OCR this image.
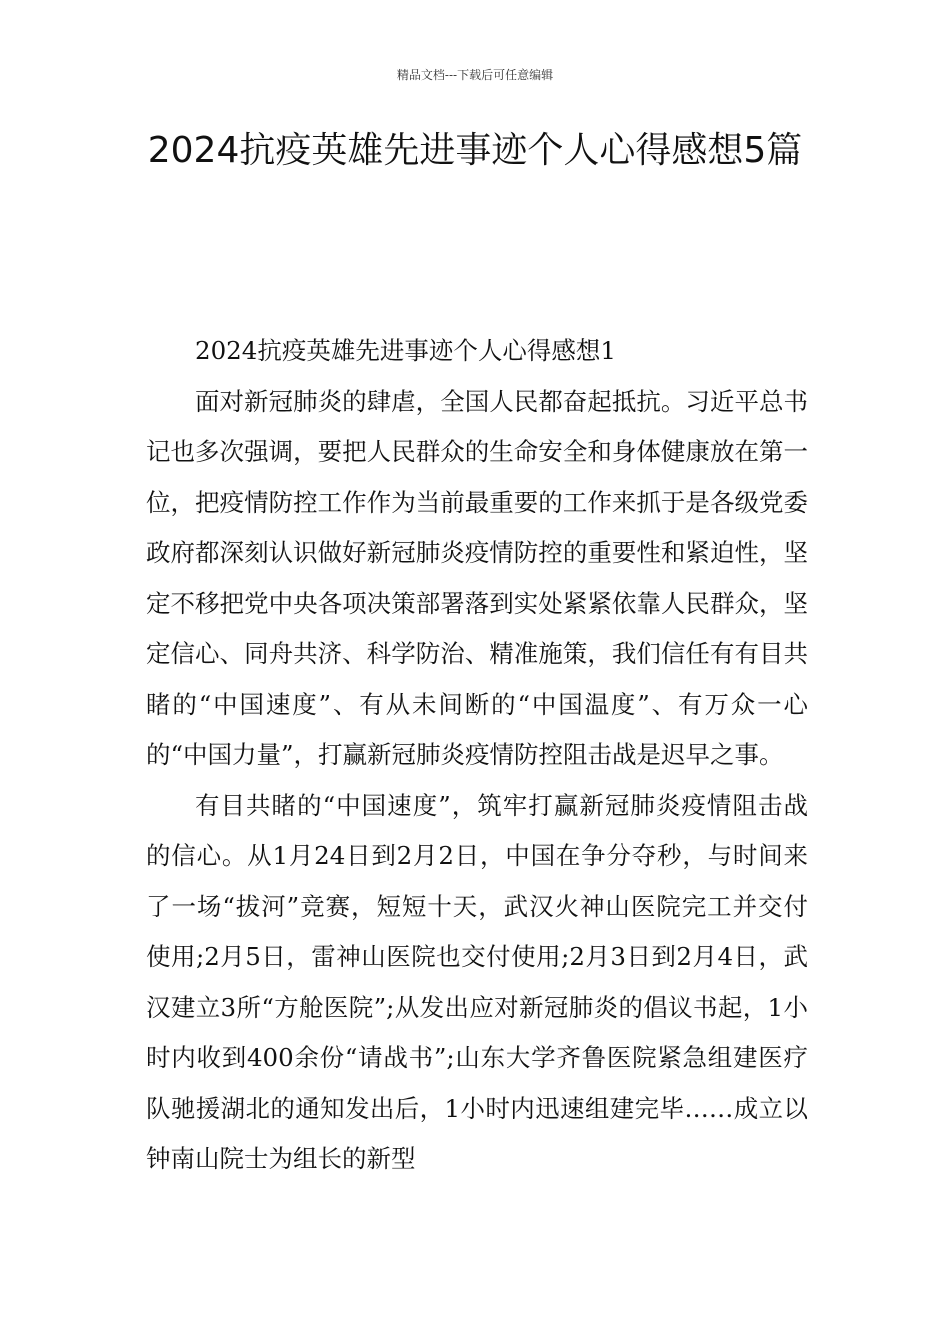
精品文档---下载后可任意编辑
2024抗疫英雄先进事迹个人心得感想5篇

2024抗疫英雄先进事迹个人心得感想1

面对新冠肺炎的肆虐，全国人民都奋起抵抗。习近平总书记也多次强调，要把人民群众的生命安全和身体健康放在第一位，把疫情防控工作作为当前最重要的工作来抓于是各级党委政府都深刻认识做好新冠肺炎疫情防控的重要性和紧迫性，坚定不移把党中央各项决策部署落到实处紧紧依靠人民群众，坚定信心、同舟共济、科学防治、精准施策，我们信任有有目共睹的“中国速度”、有从未间断的“中国温度”、有万众一心的“中国力量”，打赢新冠肺炎疫情防控阻击战是迟早之事。

有目共睹的“中国速度”，筑牢打赢新冠肺炎疫情阻击战的信心。从1月24日到2月2日，中国在争分夺秒，与时间来了一场“拔河”竞赛，短短十天，武汉火神山医院完工并交付使用;2月5日，雷神山医院也交付使用;2月3日到2月4日，武汉建立3所“方舱医院”;从发出应对新冠肺炎的倡议书起，1小时内收到400余份“请战书”;山东大学齐鲁医院紧急组建医疗队驰援湖北的通知发出后，1小时内迅速组建完毕……成立以钟南山院士为组长的新型
